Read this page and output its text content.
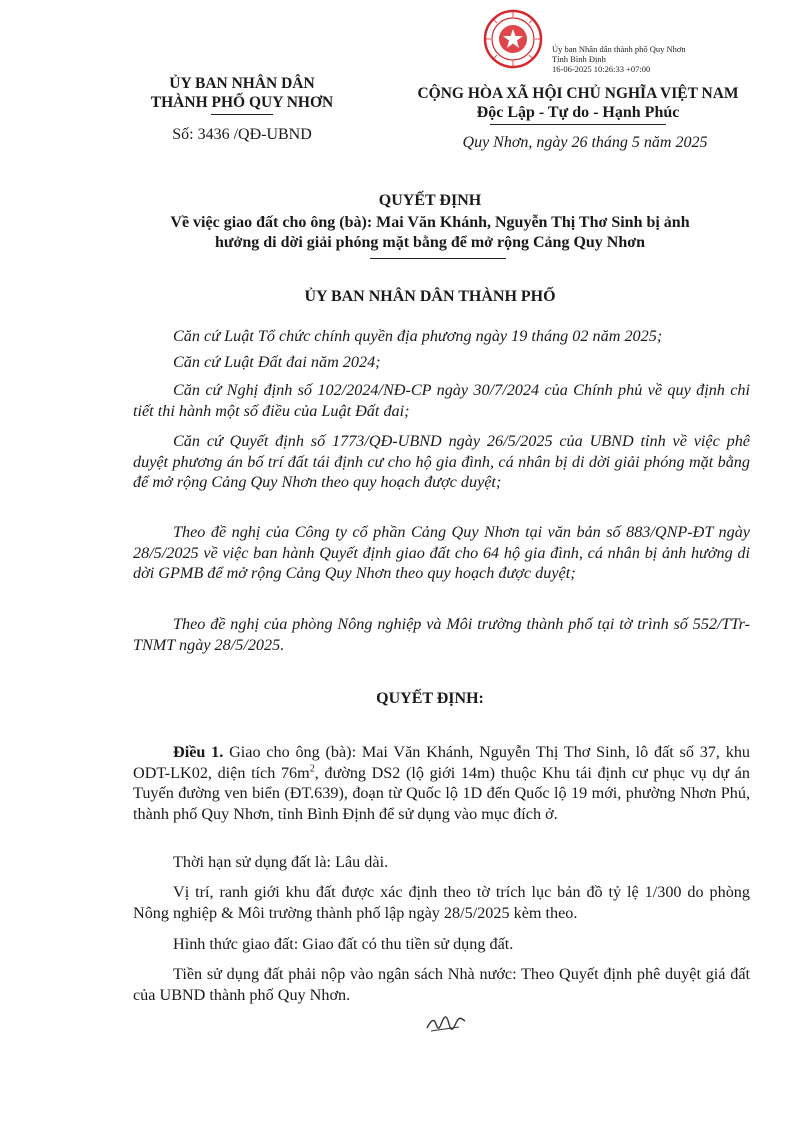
Ủy ban Nhân dân thành phố Quy Nhơn
Tỉnh Bình Định
16-06-2025 10:26:33 +07:00
ỦY BAN NHÂN DÂN
THÀNH PHỐ QUY NHƠN
Số: 3436 /QĐ-UBND
CỘNG HÒA XÃ HỘI CHỦ NGHĨA VIỆT NAM
Độc Lập - Tự do - Hạnh Phúc
Quy Nhơn, ngày 26 tháng 5 năm 2025
QUYẾT ĐỊNH
Về việc giao đất cho ông (bà): Mai Văn Khánh, Nguyễn Thị Thơ Sinh bị ảnh
hưởng di dời giải phóng mặt bằng để mở rộng Cảng Quy Nhơn
ỦY BAN NHÂN DÂN THÀNH PHỐ
Căn cứ Luật Tổ chức chính quyền địa phương ngày 19 tháng 02 năm 2025;
Căn cứ Luật Đất đai năm 2024;
Căn cứ Nghị định số 102/2024/NĐ-CP ngày 30/7/2024 của Chính phủ về quy định chi tiết thi hành một số điều của Luật Đất đai;
Căn cứ Quyết định số 1773/QĐ-UBND ngày 26/5/2025 của UBND tỉnh về việc phê duyệt phương án bố trí đất tái định cư cho hộ gia đình, cá nhân bị di dời giải phóng mặt bằng để mở rộng Cảng Quy Nhơn theo quy hoạch được duyệt;
Theo đề nghị của Công ty cổ phần Cảng Quy Nhơn tại văn bản số 883/QNP-ĐT ngày 28/5/2025 về việc ban hành Quyết định giao đất cho 64 hộ gia đình, cá nhân bị ảnh hưởng di dời GPMB để mở rộng Cảng Quy Nhơn theo quy hoạch được duyệt;
Theo đề nghị của phòng Nông nghiệp và Môi trường thành phố tại tờ trình số 552/TTr-TNMT ngày 28/5/2025.
QUYẾT ĐỊNH:
Điều 1. Giao cho ông (bà): Mai Văn Khánh, Nguyễn Thị Thơ Sinh, lô đất số 37, khu ODT-LK02, diện tích $76m^2$, đường DS2 (lộ giới 14m) thuộc Khu tái định cư phục vụ dự án Tuyến đường ven biển (ĐT.639), đoạn từ Quốc lộ 1D đến Quốc lộ 19 mới, phường Nhơn Phú, thành phố Quy Nhơn, tỉnh Bình Định để sử dụng vào mục đích ở.
Thời hạn sử dụng đất là: Lâu dài.
Vị trí, ranh giới khu đất được xác định theo tờ trích lục bản đồ tỷ lệ 1/300 do phòng Nông nghiệp & Môi trường thành phố lập ngày 28/5/2025 kèm theo.
Hình thức giao đất: Giao đất có thu tiền sử dụng đất.
Tiền sử dụng đất phải nộp vào ngân sách Nhà nước: Theo Quyết định phê duyệt giá đất của UBND thành phố Quy Nhơn.
